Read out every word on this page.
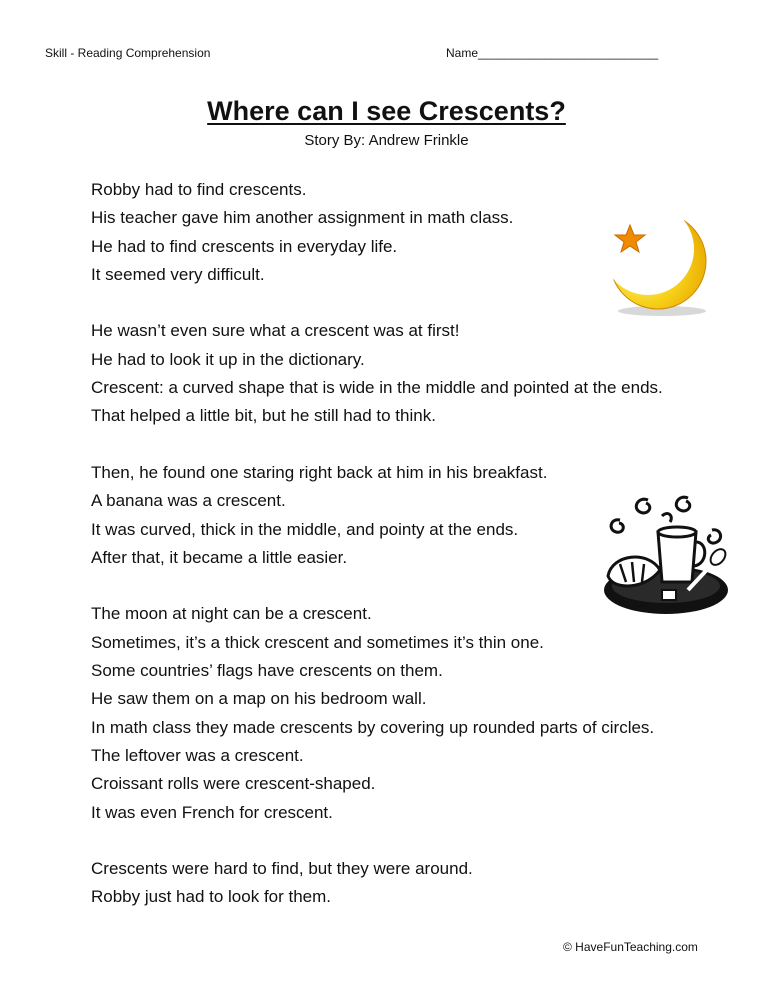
Skill - Reading Comprehension	Name___________________________
Where can I see Crescents?
Story By: Andrew Frinkle
Robby had to find crescents.
His teacher gave him another assignment in math class.
He had to find crescents in everyday life.
It seemed very difficult.
He wasn’t even sure what a crescent was at first!
He had to look it up in the dictionary.
Crescent: a curved shape that is wide in the middle and pointed at the ends.
That helped a little bit, but he still had to think.
Then, he found one staring right back at him in his breakfast.
A banana was a crescent.
It was curved, thick in the middle, and pointy at the ends.
After that, it became a little easier.
The moon at night can be a crescent.
Sometimes, it’s a thick crescent and sometimes it’s thin one.
Some countries’ flags have crescents on them.
He saw them on a map on his bedroom wall.
In math class they made crescents by covering up rounded parts of circles.
The leftover was a crescent.
Croissant rolls were crescent-shaped.
It was even French for crescent.
Crescents were hard to find, but they were around.
Robby just had to look for them.
© HaveFunTeaching.com
